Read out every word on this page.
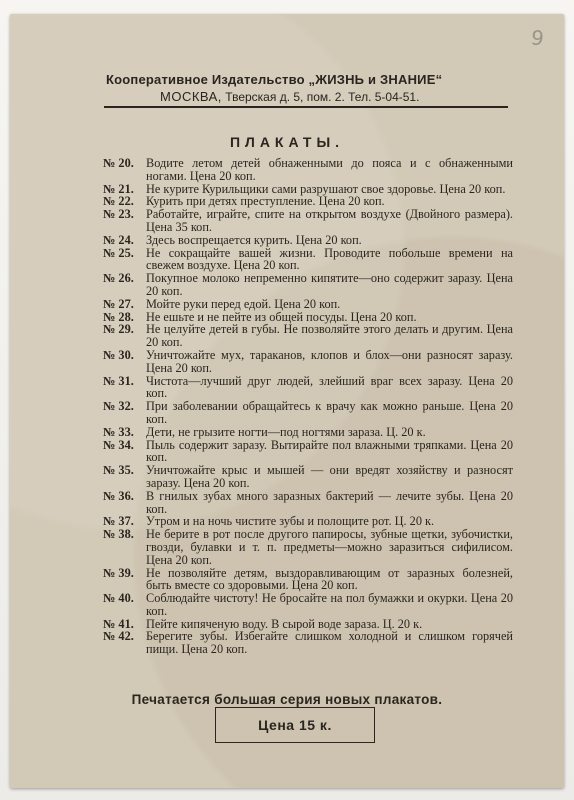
9
Кооперативное Издательство „ЖИЗНЬ и ЗНАНИЕ“
МОСКВА, Тверская д. 5, пом. 2. Тел. 5-04-51.
ПЛАКАТЫ.
№ 20. Водите летом детей обнаженными до пояса и с обнаженными ногами. Цена 20 коп.
№ 21. Не курите Курильщики сами разрушают свое здоровье. Цена 20 коп.
№ 22. Курить при детях преступление. Цена 20 коп.
№ 23. Работайте, играйте, спите на открытом воздухе (Двойного размера). Цена 35 коп.
№ 24. Здесь воспрещается курить. Цена 20 коп.
№ 25. Не сокращайте вашей жизни. Проводите побольше времени на свежем воздухе. Цена 20 коп.
№ 26. Покупное молоко непременно кипятите—оно содержит заразу. Цена 20 коп.
№ 27. Мойте руки перед едой. Цена 20 коп.
№ 28. Не ешьте и не пейте из общей посуды. Цена 20 коп.
№ 29. Не целуйте детей в губы. Не позволяйте этого делать и другим. Цена 20 коп.
№ 30. Уничтожайте мух, тараканов, клопов и блох—они разносят заразу. Цена 20 коп.
№ 31. Чистота—лучший друг людей, злейший враг всех заразу. Цена 20 коп.
№ 32. При заболевании обращайтесь к врачу как можно раньше. Цена 20 коп.
№ 33. Дети, не грызите ногти—под ногтями зараза. Ц. 20 к.
№ 34. Пыль содержит заразу. Вытирайте пол влажными тряпками. Цена 20 коп.
№ 35. Уничтожайте крыс и мышей — они вредят хозяйству и разносят заразу. Цена 20 коп.
№ 36. В гнилых зубах много заразных бактерий — лечите зубы. Цена 20 коп.
№ 37. Утром и на ночь чистите зубы и полощите рот. Ц. 20 к.
№ 38. Не берите в рот после другого папиросы, зубные щетки, зубочистки, гвозди, булавки и т. п. предметы—можно заразиться сифилисом. Цена 20 коп.
№ 39. Не позволяйте детям, выздоравливающим от заразных болезней, быть вместе со здоровыми. Цена 20 коп.
№ 40. Соблюдайте чистоту! Не бросайте на пол бумажки и окурки. Цена 20 коп.
№ 41. Пейте кипяченую воду. В сырой воде зараза. Ц. 20 к.
№ 42. Берегите зубы. Избегайте слишком холодной и слишком горячей пищи. Цена 20 коп.
Печатается большая серия новых плакатов.
Цена 15 к.
